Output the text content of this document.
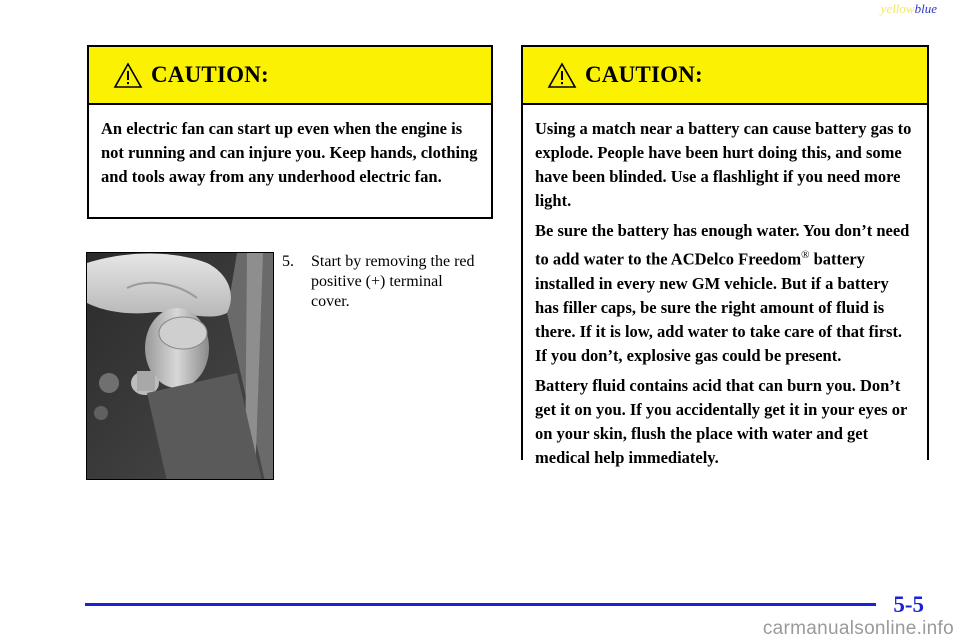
yellowblue
CAUTION:

An electric fan can start up even when the engine is not running and can injure you. Keep hands, clothing and tools away from any underhood electric fan.

5. Start by removing the red positive (+) terminal cover.
CAUTION:

Using a match near a battery can cause battery gas to explode. People have been hurt doing this, and some have been blinded. Use a flashlight if you need more light.

Be sure the battery has enough water. You don’t need to add water to the ACDelco Freedom® battery installed in every new GM vehicle. But if a battery has filler caps, be sure the right amount of fluid is there. If it is low, add water to take care of that first. If you don’t, explosive gas could be present.

Battery fluid contains acid that can burn you. Don’t get it on you. If you accidentally get it in your eyes or on your skin, flush the place with water and get medical help immediately.

5-5
carmanualsonline.info
